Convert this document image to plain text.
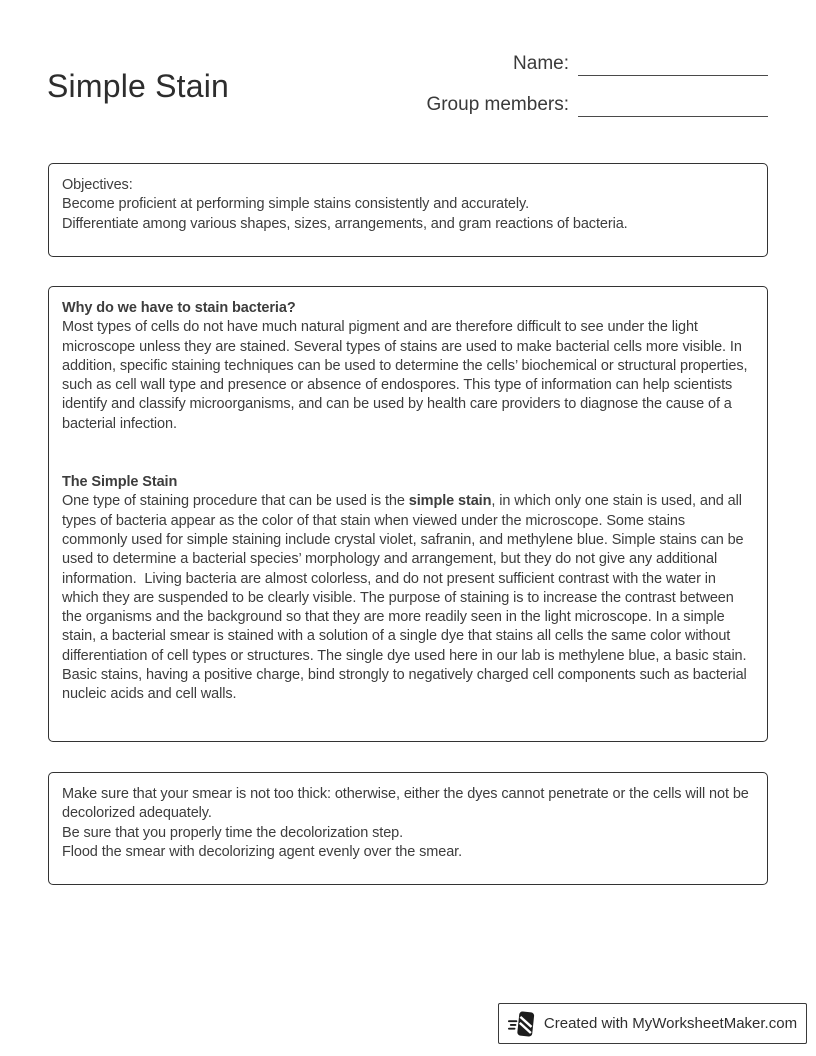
Simple Stain
Name:
Group members:
Objectives:
Become proficient at performing simple stains consistently and accurately.
Differentiate among various shapes, sizes, arrangements, and gram reactions of bacteria.
Why do we have to stain bacteria?

Most types of cells do not have much natural pigment and are therefore difficult to see under the light microscope unless they are stained. Several types of stains are used to make bacterial cells more visible. In addition, specific staining techniques can be used to determine the cells’ biochemical or structural properties, such as cell wall type and presence or absence of endospores. This type of information can help scientists identify and classify microorganisms, and can be used by health care providers to diagnose the cause of a bacterial infection.

The Simple Stain

One type of staining procedure that can be used is the simple stain, in which only one stain is used, and all types of bacteria appear as the color of that stain when viewed under the microscope. Some stains commonly used for simple staining include crystal violet, safranin, and methylene blue. Simple stains can be used to determine a bacterial species’ morphology and arrangement, but they do not give any additional information.  Living bacteria are almost colorless, and do not present sufficient contrast with the water in which they are suspended to be clearly visible. The purpose of staining is to increase the contrast between the organisms and the background so that they are more readily seen in the light microscope. In a simple stain, a bacterial smear is stained with a solution of a single dye that stains all cells the same color without differentiation of cell types or structures. The single dye used here in our lab is methylene blue, a basic stain. Basic stains, having a positive charge, bind strongly to negatively charged cell components such as bacterial nucleic acids and cell walls.

Make sure that your smear is not too thick: otherwise, either the dyes cannot penetrate or the cells will not be decolorized adequately.
Be sure that you properly time the decolorization step.
Flood the smear with decolorizing agent evenly over the smear.
Created with MyWorksheetMaker.com
